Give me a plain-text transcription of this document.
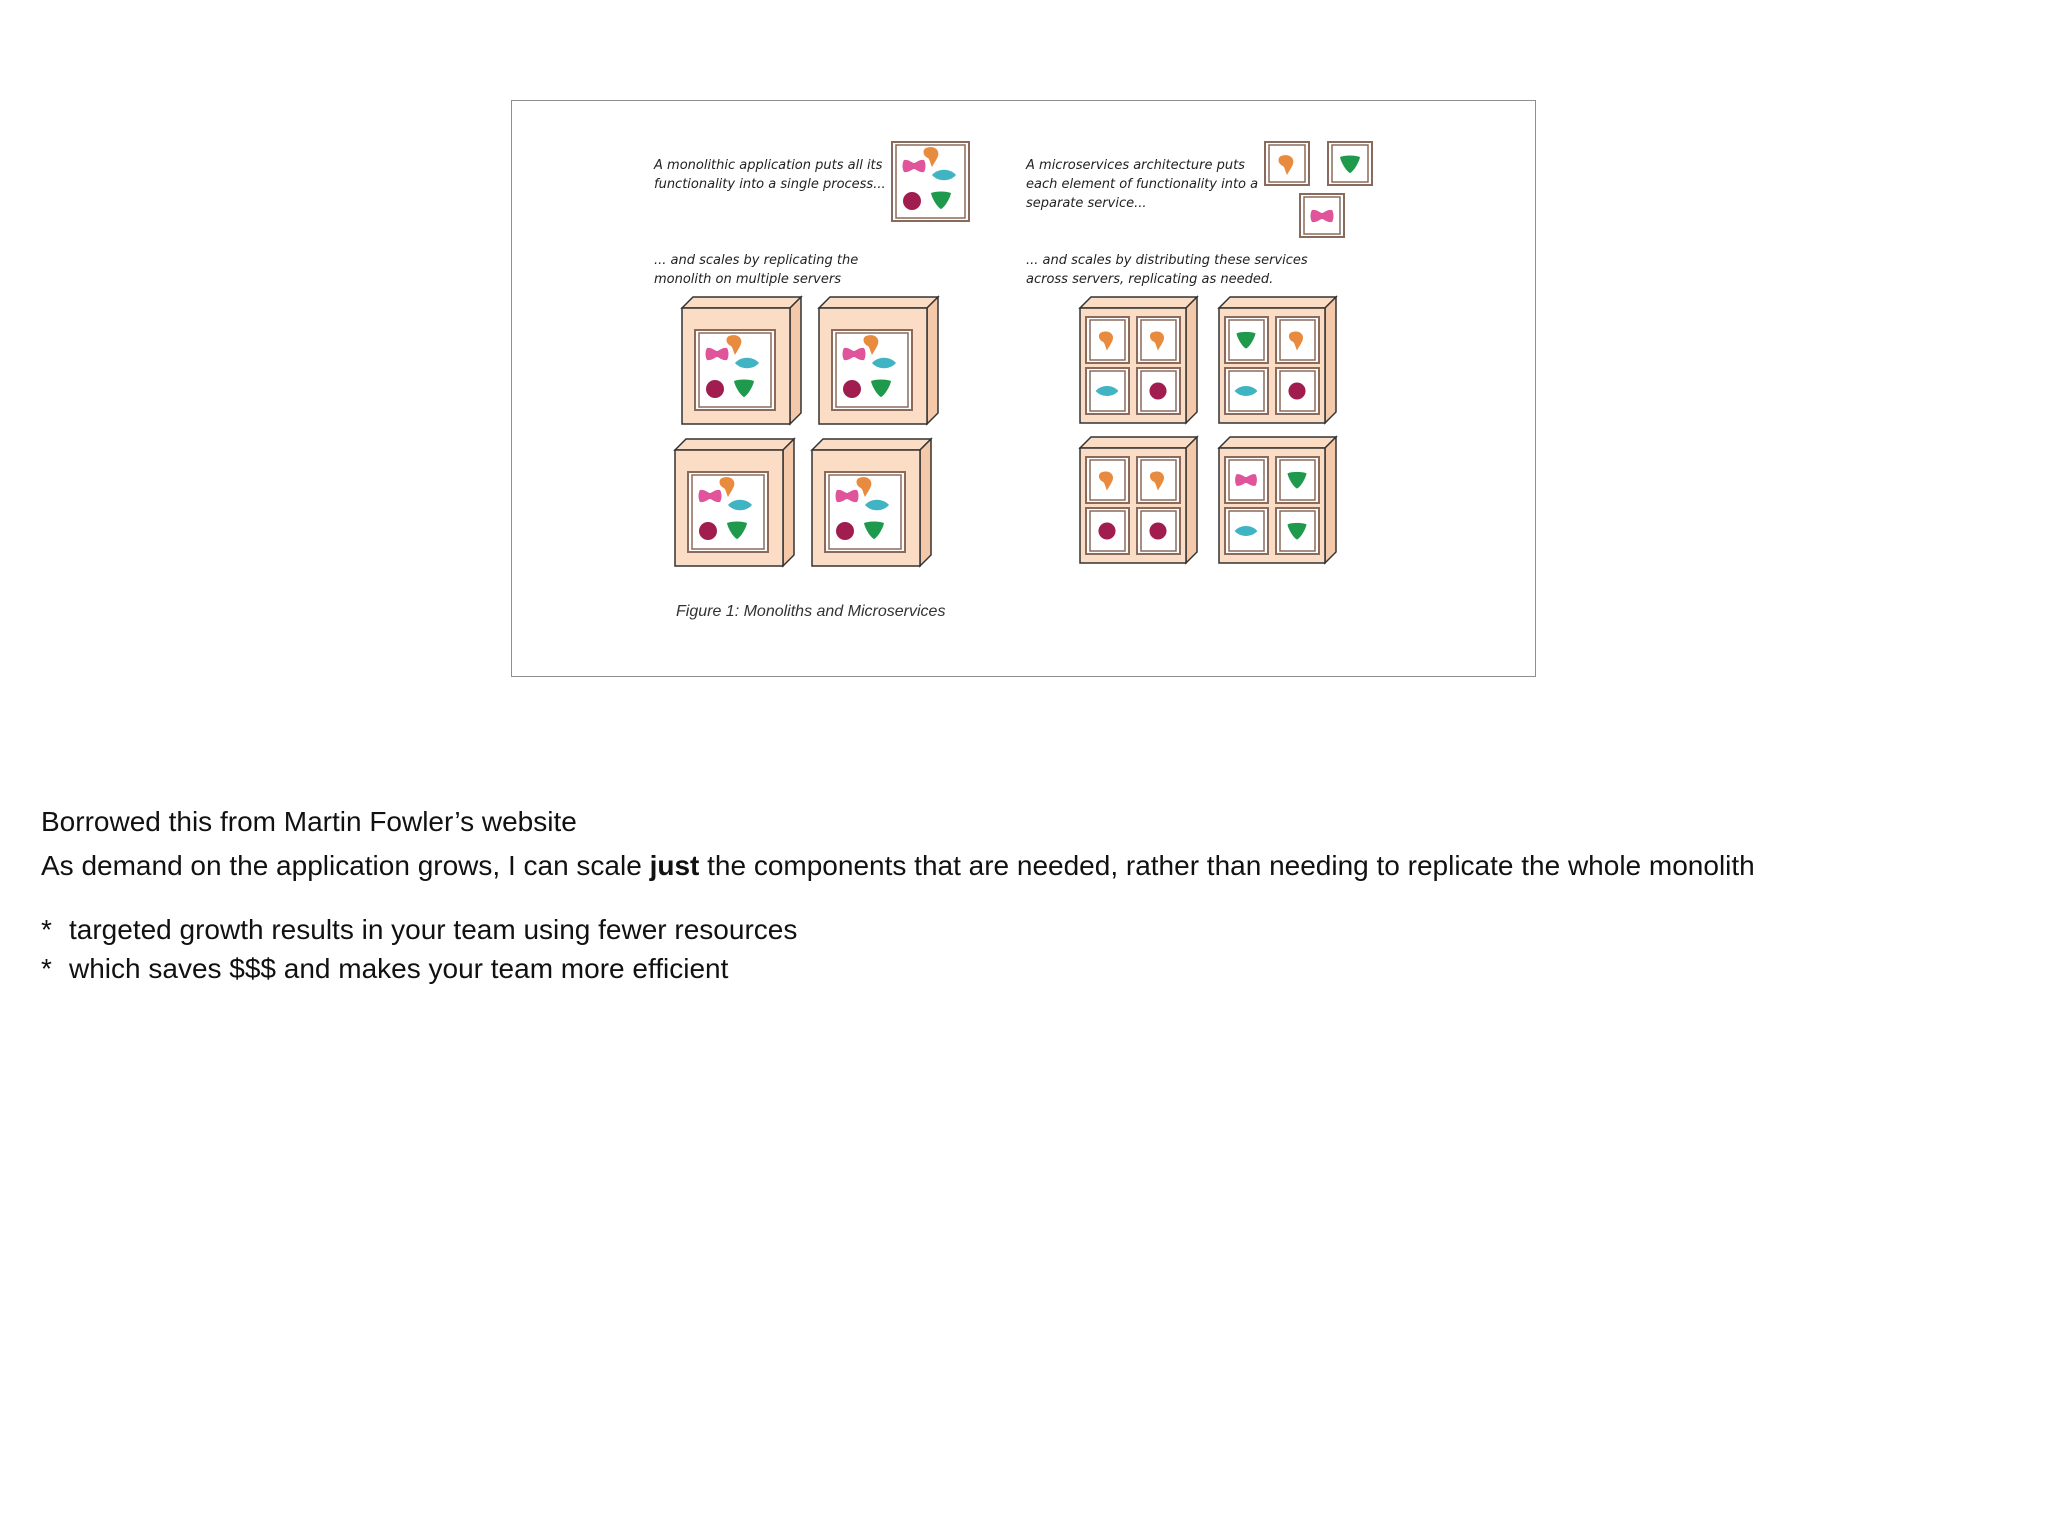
A monolithic application puts all its
functionality into a single process...
... and scales by replicating the
monolith on multiple servers
A microservices architecture puts
each element of functionality into a
separate service...
... and scales by distributing these services
across servers, replicating as needed.
Figure 1: Monoliths and Microservices

Borrowed this from Martin Fowler’s website

As demand on the application grows, I can scale just the components that are needed, rather than needing to replicate the whole monolith

* targeted growth results in your team using fewer resources
* which saves $$$ and makes your team more efficient
